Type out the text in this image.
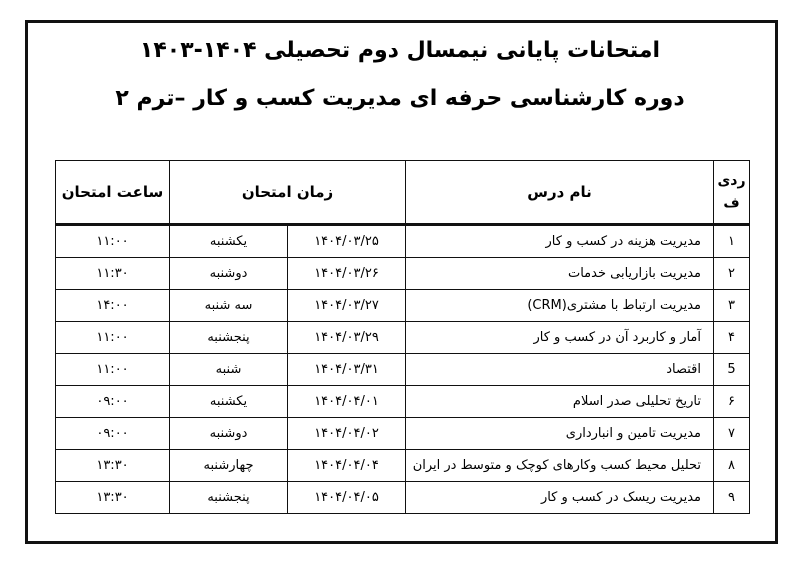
امتحانات پایانی نیمسال دوم تحصیلی ۱۴۰۴-۱۴۰۳
دوره کارشناسی حرفه ای مدیریت کسب و کار –ترم ۲
ردی
ف	نام درس	زمان امتحان		ساعت امتحان
۱	مدیریت هزینه در کسب و کار	۱۴۰۴/۰۳/۲۵	یکشنبه	۱۱:۰۰
۲	مدیریت بازاریابی خدمات	۱۴۰۴/۰۳/۲۶	دوشنبه	۱۱:۳۰
۳	مدیریت ارتباط با مشتری(CRM)	۱۴۰۴/۰۳/۲۷	سه شنبه	۱۴:۰۰
۴	آمار و کاربرد آن در کسب و کار	۱۴۰۴/۰۳/۲۹	پنجشنبه	۱۱:۰۰
5	اقتصاد	۱۴۰۴/۰۳/۳۱	شنبه	۱۱:۰۰
۶	تاریخ تحلیلی صدر اسلام	۱۴۰۴/۰۴/۰۱	یکشنبه	۰۹:۰۰
۷	مدیریت تامین و انبارداری	۱۴۰۴/۰۴/۰۲	دوشنبه	۰۹:۰۰
۸	تحلیل محیط کسب وکارهای کوچک و متوسط در ایران	۱۴۰۴/۰۴/۰۴	چهارشنبه	۱۳:۳۰
۹	مدیریت ریسک در کسب و کار	۱۴۰۴/۰۴/۰۵	پنجشنبه	۱۳:۳۰
